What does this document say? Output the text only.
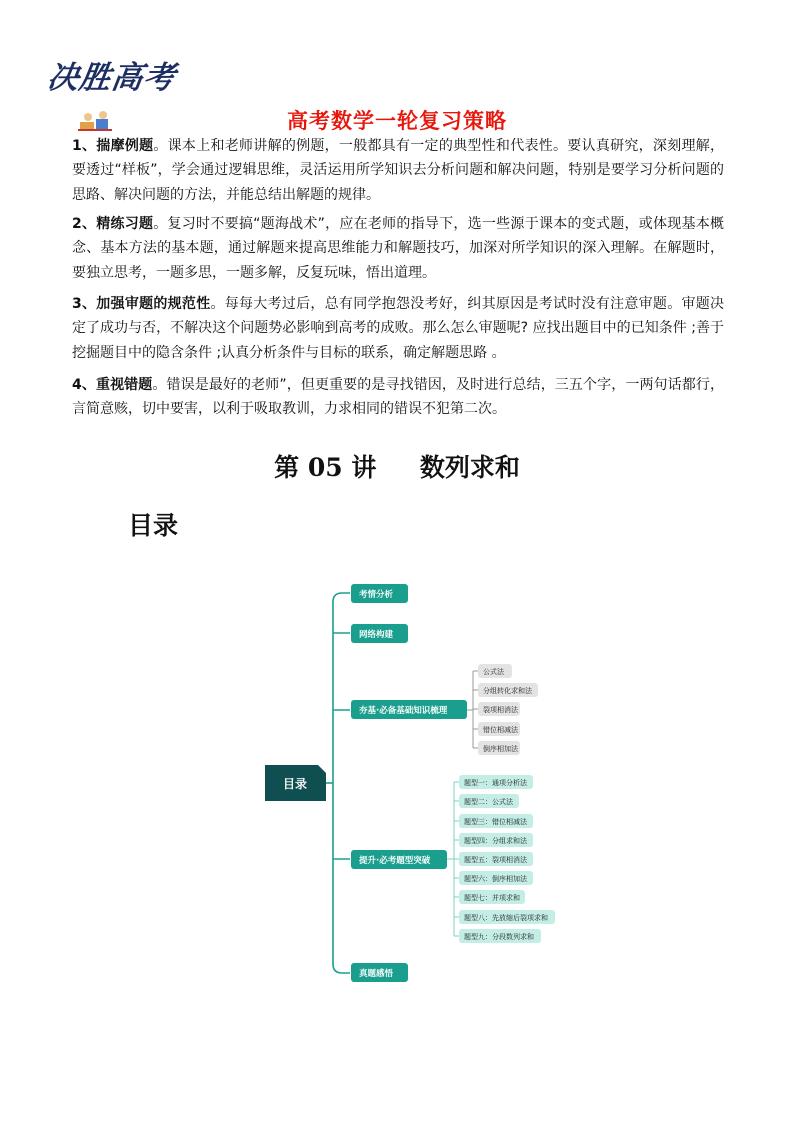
决胜高考
高考数学一轮复习策略
1、揣摩例题。课本上和老师讲解的例题，一般都具有一定的典型性和代表性。要认真研究，深刻理解，要透过“样板”，学会通过逻辑思维，灵活运用所学知识去分析问题和解决问题，特别是要学习分析问题的思路、解决问题的方法，并能总结出解题的规律。
2、精练习题。复习时不要搞“题海战术”，应在老师的指导下，选一些源于课本的变式题，或体现基本概念、基本方法的基本题，通过解题来提高思维能力和解题技巧，加深对所学知识的深入理解。在解题时，要独立思考，一题多思，一题多解，反复玩味，悟出道理。
3、加强审题的规范性。每每大考过后，总有同学抱怨没考好，纠其原因是考试时没有注意审题。审题决定了成功与否，不解决这个问题势必影响到高考的成败。那么怎么审题呢? 应找出题目中的已知条件 ;善于挖掘题目中的隐含条件 ;认真分析条件与目标的联系，确定解题思路 。
4、重视错题。错误是最好的老师”，但更重要的是寻找错因，及时进行总结，三五个字，一两句话都行，言简意赅，切中要害，以利于吸取教训，力求相同的错误不犯第二次。
第 05 讲 数列求和
目录
目录
考情分析
网络构建
夯基·必备基础知识梳理
提升·必考题型突破
真题感悟
公式法
分组转化求和法
裂项相消法
错位相减法
倒序相加法
题型一：通项分析法
题型二：公式法
题型三：错位相减法
题型四：分组求和法
题型五：裂项相消法
题型六：倒序相加法
题型七：并项求和
题型八：先放缩后裂项求和
题型九：分段数列求和
